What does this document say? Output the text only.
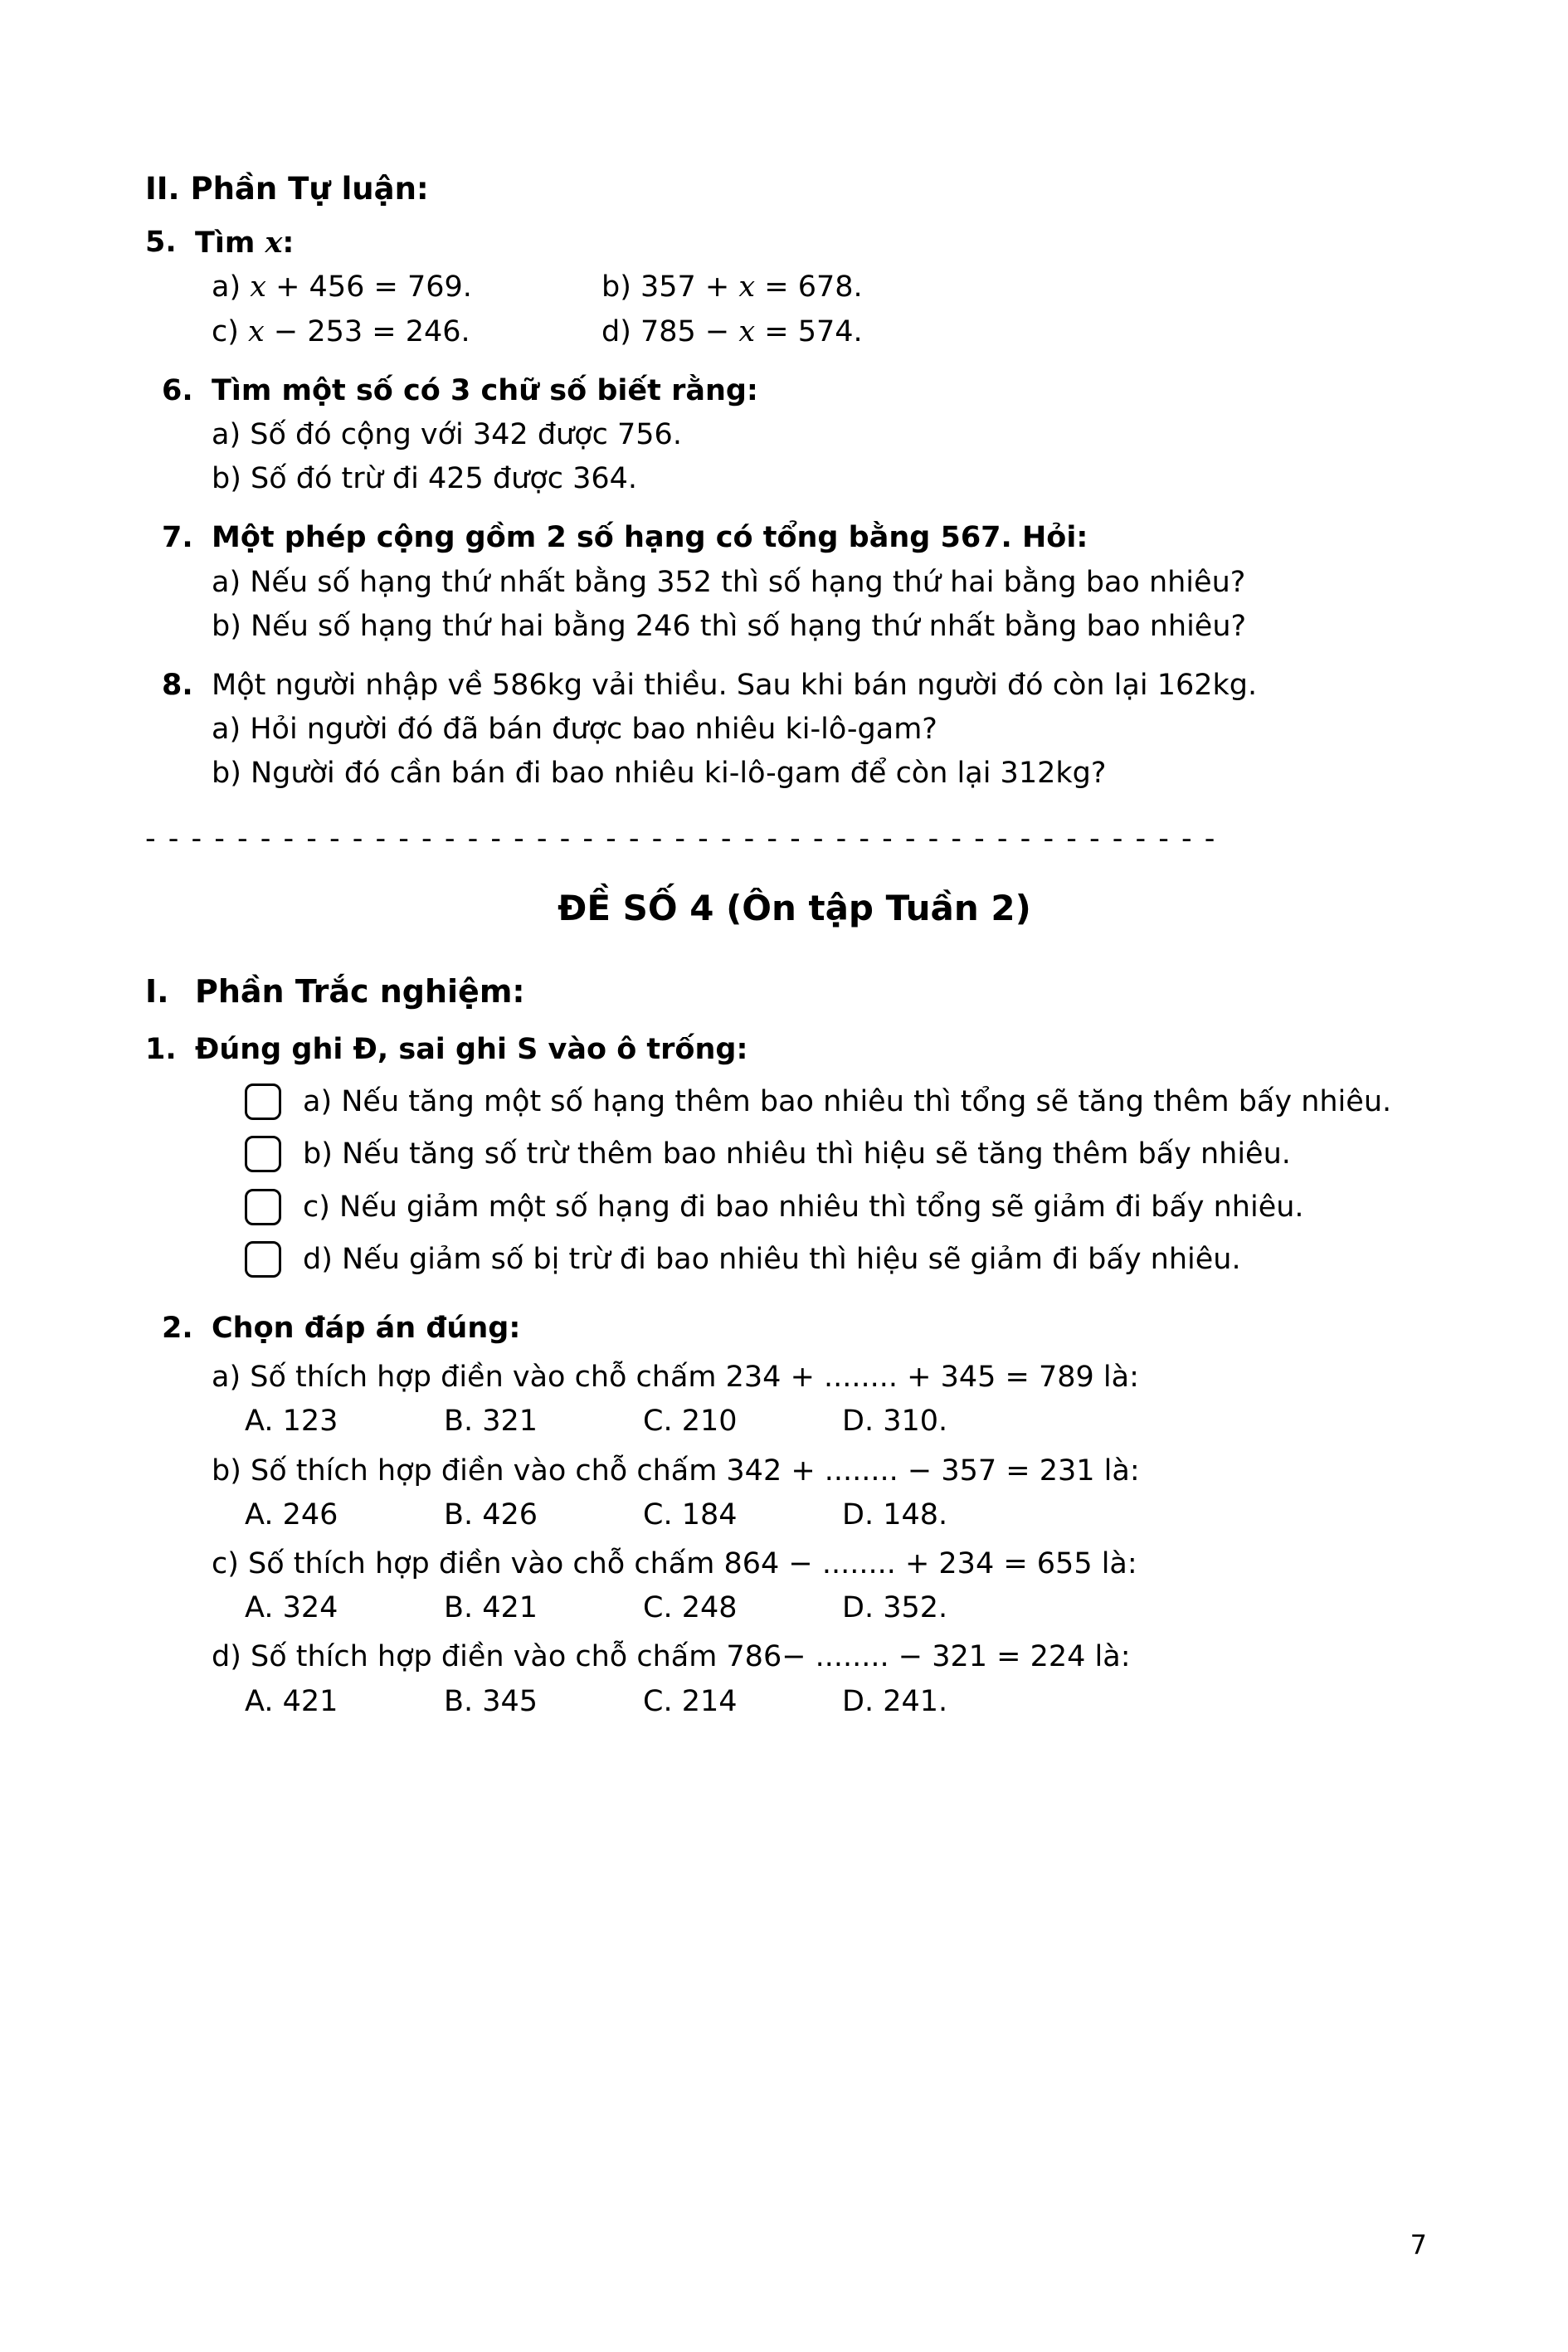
II. Phần Tự luận:
5. Tìm x:
a) x + 456 = 769.	b) 357 + x = 678.
c) x − 253 = 246.	d) 785 − x = 574.
6. Tìm một số có 3 chữ số biết rằng:
a) Số đó cộng với 342 được 756.
b) Số đó trừ đi 425 được 364.
7. Một phép cộng gồm 2 số hạng có tổng bằng 567. Hỏi:
a) Nếu số hạng thứ nhất bằng 352 thì số hạng thứ hai bằng bao nhiêu?
b) Nếu số hạng thứ hai bằng 246 thì số hạng thứ nhất bằng bao nhiêu?
8. Một người nhập về 586kg vải thiều. Sau khi bán người đó còn lại 162kg.
a) Hỏi người đó đã bán được bao nhiêu ki-lô-gam?
b) Người đó cần bán đi bao nhiêu ki-lô-gam để còn lại 312kg?
- - - - - - - - - - - - - - - - - - - - - - - - - - - - - - - - - - - - - - - - - - - - - - -
ĐỀ SỐ 4 (Ôn tập Tuần 2)
I. Phần Trắc nghiệm:
1. Đúng ghi Đ, sai ghi S vào ô trống:
a) Nếu tăng một số hạng thêm bao nhiêu thì tổng sẽ tăng thêm bấy nhiêu.
b) Nếu tăng số trừ thêm bao nhiêu thì hiệu sẽ tăng thêm bấy nhiêu.
c) Nếu giảm một số hạng đi bao nhiêu thì tổng sẽ giảm đi bấy nhiêu.
d) Nếu giảm số bị trừ đi bao nhiêu thì hiệu sẽ giảm đi bấy nhiêu.
2. Chọn đáp án đúng:
a) Số thích hợp điền vào chỗ chấm 234 + ........ + 345 = 789 là:
A. 123	B. 321	C. 210	D. 310.
b) Số thích hợp điền vào chỗ chấm 342 + ........ − 357 = 231 là:
A. 246	B. 426	C. 184	D. 148.
c) Số thích hợp điền vào chỗ chấm 864 − ........ + 234 = 655 là:
A. 324	B. 421	C. 248	D. 352.
d) Số thích hợp điền vào chỗ chấm 786− ........ − 321 = 224 là:
A. 421	B. 345	C. 214	D. 241.
7
